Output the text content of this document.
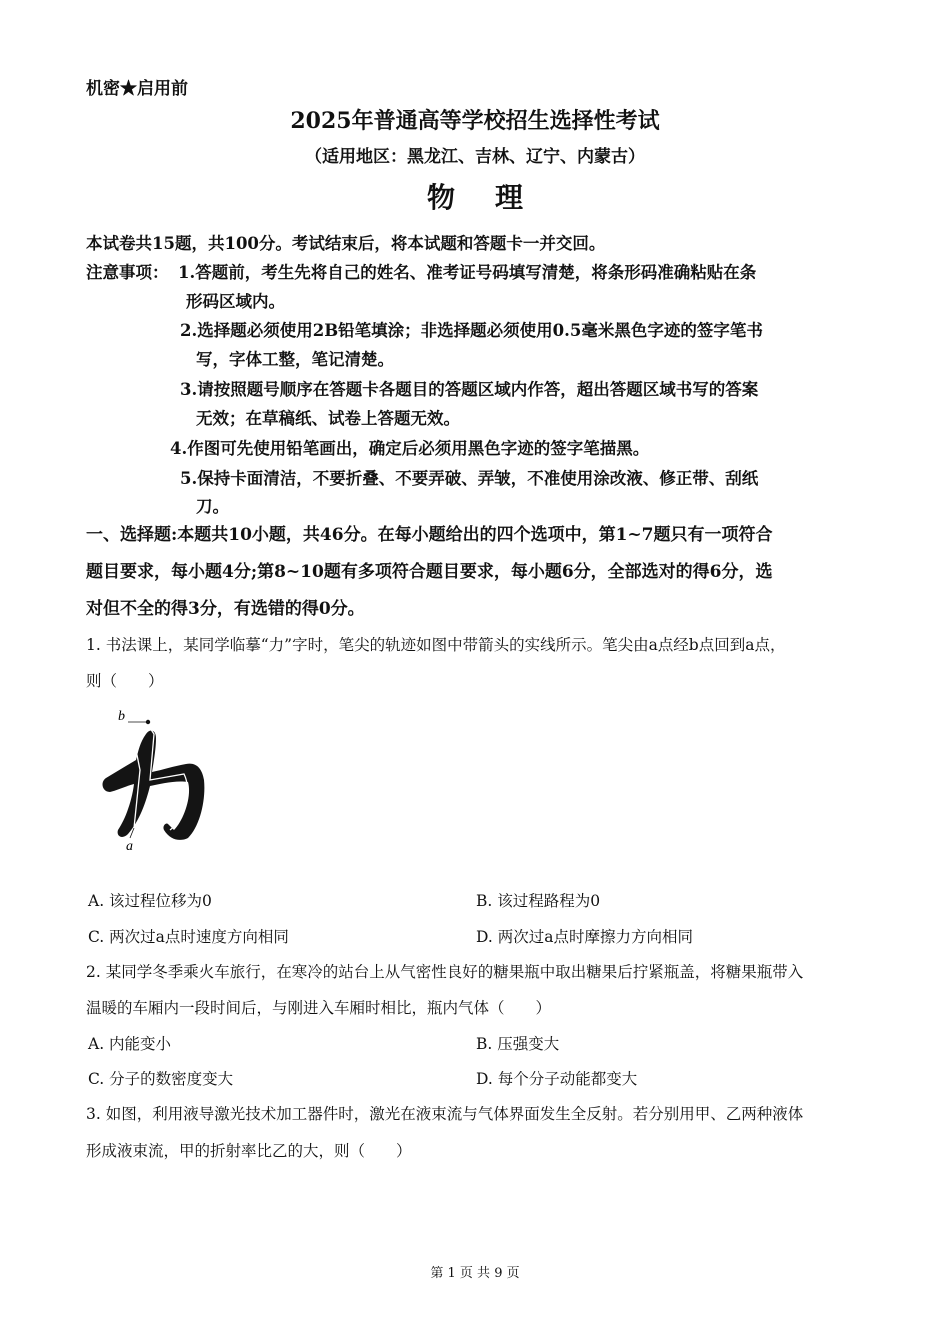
机密★启用前
2025年普通高等学校招生选择性考试
（适用地区：黑龙江、吉林、辽宁、内蒙古）
物理
本试卷共15题，共100分。考试结束后，将本试题和答题卡一并交回。
注意事项： 1.答题前，考生先将自己的姓名、准考证号码填写清楚，将条形码准确粘贴在条
形码区域内。
2.选择题必须使用2B铅笔填涂；非选择题必须使用0.5毫米黑色字迹的签字笔书
写，字体工整，笔记清楚。
3.请按照题号顺序在答题卡各题目的答题区域内作答，超出答题区域书写的答案
无效；在草稿纸、试卷上答题无效。
4.作图可先使用铅笔画出，确定后必须用黑色字迹的签字笔描黑。
5.保持卡面清洁，不要折叠、不要弄破、弄皱，不准使用涂改液、修正带、刮纸
刀。
一、选择题:本题共10小题，共46分。在每小题给出的四个选项中，第1~7题只有一项符合
题目要求，每小题4分;第8~10题有多项符合题目要求，每小题6分，全部选对的得6分，选
对但不全的得3分，有选错的得0分。
1. 书法课上，某同学临摹“力”字时，笔尖的轨迹如图中带箭头的实线所示。笔尖由a点经b点回到a点，
则（　　）
b
a
A. 该过程位移为0	B. 该过程路程为0
C. 两次过a点时速度方向相同	D. 两次过a点时摩擦力方向相同
2. 某同学冬季乘火车旅行，在寒冷的站台上从气密性良好的糖果瓶中取出糖果后拧紧瓶盖，将糖果瓶带入
温暖的车厢内一段时间后，与刚进入车厢时相比，瓶内气体（　　）
A. 内能变小	B. 压强变大
C. 分子的数密度变大	D. 每个分子动能都变大
3. 如图，利用液导激光技术加工器件时，激光在液束流与气体界面发生全反射。若分别用甲、乙两种液体
形成液束流，甲的折射率比乙的大，则（　　）
第 1 页 共 9 页
